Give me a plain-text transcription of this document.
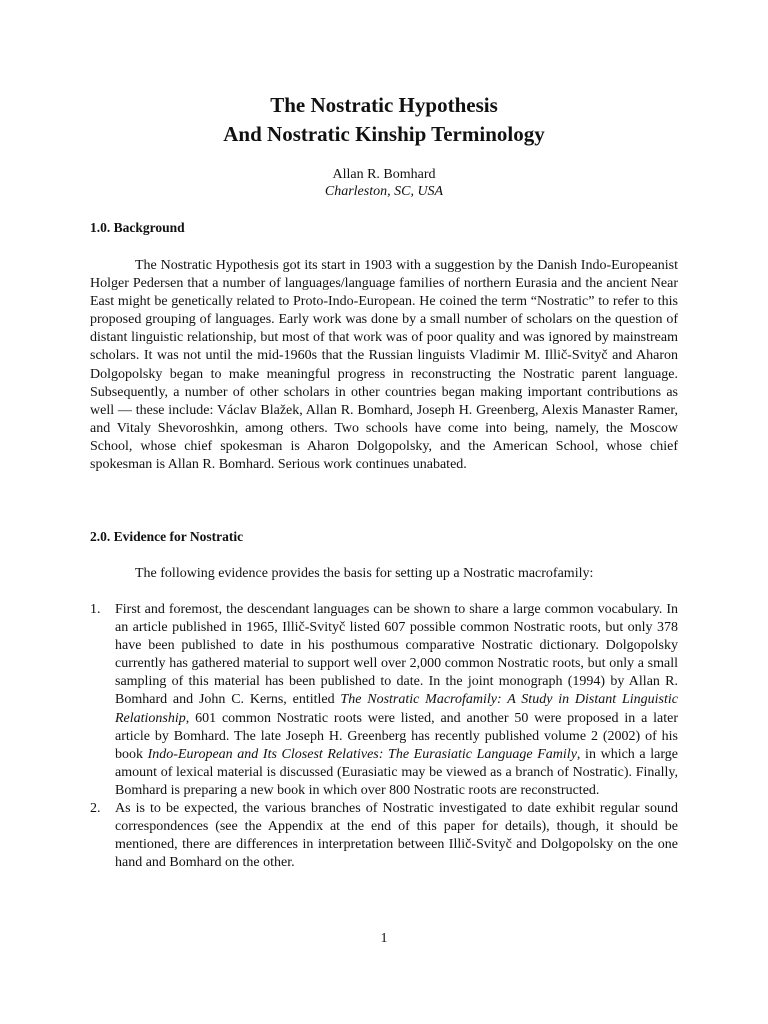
The Nostratic Hypothesis
And Nostratic Kinship Terminology
Allan R. Bomhard
Charleston, SC, USA
1.0. Background

The Nostratic Hypothesis got its start in 1903 with a suggestion by the Danish Indo-Europeanist Holger Pedersen that a number of languages/language families of northern Eurasia and the ancient Near East might be genetically related to Proto-Indo-European. He coined the term “Nostratic” to refer to this proposed grouping of languages. Early work was done by a small number of scholars on the question of distant linguistic relationship, but most of that work was of poor quality and was ignored by mainstream scholars. It was not until the mid-1960s that the Russian linguists Vladimir M. Illič-Svityč and Aharon Dolgopolsky began to make meaningful progress in reconstructing the Nostratic parent language. Subsequently, a number of other scholars in other countries began making important contributions as well — these include: Václav Blažek, Allan R. Bomhard, Joseph H. Greenberg, Alexis Manaster Ramer, and Vitaly Shevoroshkin, among others. Two schools have come into being, namely, the Moscow School, whose chief spokesman is Aharon Dolgopolsky, and the American School, whose chief spokesman is Allan R. Bomhard. Serious work continues unabated.

2.0. Evidence for Nostratic
The following evidence provides the basis for setting up a Nostratic macrofamily:
1. First and foremost, the descendant languages can be shown to share a large common vocabulary. In an article published in 1965, Illič-Svityč listed 607 possible common Nostratic roots, but only 378 have been published to date in his posthumous comparative Nostratic dictionary. Dolgopolsky currently has gathered material to support well over 2,000 common Nostratic roots, but only a small sampling of this material has been published to date. In the joint monograph (1994) by Allan R. Bomhard and John C. Kerns, entitled The Nostratic Macrofamily: A Study in Distant Linguistic Relationship, 601 common Nostratic roots were listed, and another 50 were proposed in a later article by Bomhard. The late Joseph H. Greenberg has recently published volume 2 (2002) of his book Indo-European and Its Closest Relatives: The Eurasiatic Language Family, in which a large amount of lexical material is discussed (Eurasiatic may be viewed as a branch of Nostratic). Finally, Bomhard is preparing a new book in which over 800 Nostratic roots are reconstructed.
2. As is to be expected, the various branches of Nostratic investigated to date exhibit regular sound correspondences (see the Appendix at the end of this paper for details), though, it should be mentioned, there are differences in interpretation between Illič-Svityč and Dolgopolsky on the one hand and Bomhard on the other.
1
